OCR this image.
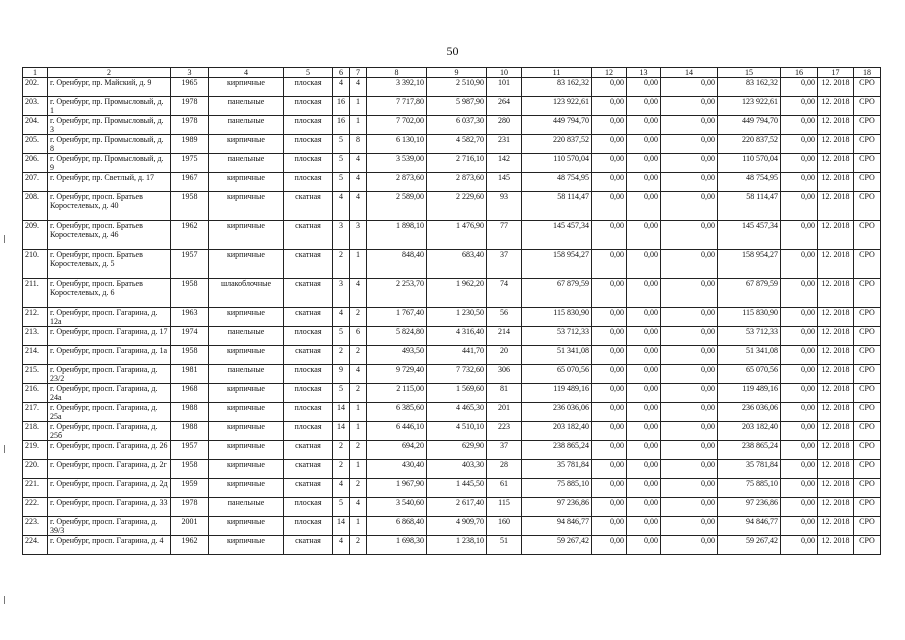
50
1	2	3	4	5	6	7	8	9	10	11	12	13	14	15	16	17	18
202.	г. Оренбург, пр. Майский, д. 9	1965	кирпичные	плоская	4	4	3 392,10	2 510,90	101	83 162,32	0,00	0,00	0,00	83 162,32	0,00	12. 2018	СРО
203.	г. Оренбург, пр. Промысловый, д. 1	1978	панельные	плоская	16	1	7 717,80	5 987,90	264	123 922,61	0,00	0,00	0,00	123 922,61	0,00	12. 2018	СРО
204.	г. Оренбург, пр. Промысловый, д. 3	1978	панельные	плоская	16	1	7 702,00	6 037,30	280	449 794,70	0,00	0,00	0,00	449 794,70	0,00	12. 2018	СРО
205.	г. Оренбург, пр. Промысловый, д. 8	1989	кирпичные	плоская	5	8	6 130,10	4 582,70	231	220 837,52	0,00	0,00	0,00	220 837,52	0,00	12. 2018	СРО
206.	г. Оренбург, пр. Промысловый, д. 9	1975	панельные	плоская	5	4	3 539,00	2 716,10	142	110 570,04	0,00	0,00	0,00	110 570,04	0,00	12. 2018	СРО
207.	г. Оренбург, пр. Светлый, д. 17	1967	кирпичные	плоская	5	4	2 873,60	2 873,60	145	48 754,95	0,00	0,00	0,00	48 754,95	0,00	12. 2018	СРО
208.	г. Оренбург, просп. Братьев Коростелевых, д. 40	1958	кирпичные	скатная	4	4	2 589,00	2 229,60	93	58 114,47	0,00	0,00	0,00	58 114,47	0,00	12. 2018	СРО
209.	г. Оренбург, просп. Братьев Коростелевых, д. 46	1962	кирпичные	скатная	3	3	1 898,10	1 476,90	77	145 457,34	0,00	0,00	0,00	145 457,34	0,00	12. 2018	СРО
210.	г. Оренбург, просп. Братьев Коростелевых, д. 5	1957	кирпичные	скатная	2	1	848,40	683,40	37	158 954,27	0,00	0,00	0,00	158 954,27	0,00	12. 2018	СРО
211.	г. Оренбург, просп. Братьев Коростелевых, д. 6	1958	шлакоблочные	скатная	3	4	2 253,70	1 962,20	74	67 879,59	0,00	0,00	0,00	67 879,59	0,00	12. 2018	СРО
212.	г. Оренбург, просп. Гагарина, д. 12а	1963	кирпичные	скатная	4	2	1 767,40	1 230,50	56	115 830,90	0,00	0,00	0,00	115 830,90	0,00	12. 2018	СРО
213.	г. Оренбург, просп. Гагарина, д. 17	1974	панельные	плоская	5	6	5 824,80	4 316,40	214	53 712,33	0,00	0,00	0,00	53 712,33	0,00	12. 2018	СРО
214.	г. Оренбург, просп. Гагарина, д. 1а	1958	кирпичные	скатная	2	2	493,50	441,70	20	51 341,08	0,00	0,00	0,00	51 341,08	0,00	12. 2018	СРО
215.	г. Оренбург, просп. Гагарина, д. 23/2	1981	панельные	плоская	9	4	9 729,40	7 732,60	306	65 070,56	0,00	0,00	0,00	65 070,56	0,00	12. 2018	СРО
216.	г. Оренбург, просп. Гагарина, д. 24а	1968	кирпичные	плоская	5	2	2 115,00	1 569,60	81	119 489,16	0,00	0,00	0,00	119 489,16	0,00	12. 2018	СРО
217.	г. Оренбург, просп. Гагарина, д. 25а	1988	кирпичные	плоская	14	1	6 385,60	4 465,30	201	236 036,06	0,00	0,00	0,00	236 036,06	0,00	12. 2018	СРО
218.	г. Оренбург, просп. Гагарина, д. 25б	1988	кирпичные	плоская	14	1	6 446,10	4 510,10	223	203 182,40	0,00	0,00	0,00	203 182,40	0,00	12. 2018	СРО
219.	г. Оренбург, просп. Гагарина, д. 26	1957	кирпичные	скатная	2	2	694,20	629,90	37	238 865,24	0,00	0,00	0,00	238 865,24	0,00	12. 2018	СРО
220.	г. Оренбург, просп. Гагарина, д. 2г	1958	кирпичные	скатная	2	1	430,40	403,30	28	35 781,84	0,00	0,00	0,00	35 781,84	0,00	12. 2018	СРО
221.	г. Оренбург, просп. Гагарина, д. 2д	1959	кирпичные	скатная	4	2	1 967,90	1 445,50	61	75 885,10	0,00	0,00	0,00	75 885,10	0,00	12. 2018	СРО
222.	г. Оренбург, просп. Гагарина, д. 33	1978	панельные	плоская	5	4	3 540,60	2 617,40	115	97 236,86	0,00	0,00	0,00	97 236,86	0,00	12. 2018	СРО
223.	г. Оренбург, просп. Гагарина, д. 39/3	2001	кирпичные	плоская	14	1	6 868,40	4 909,70	160	94 846,77	0,00	0,00	0,00	94 846,77	0,00	12. 2018	СРО
224.	г. Оренбург, просп. Гагарина, д. 4	1962	кирпичные	скатная	4	2	1 698,30	1 238,10	51	59 267,42	0,00	0,00	0,00	59 267,42	0,00	12. 2018	СРО
